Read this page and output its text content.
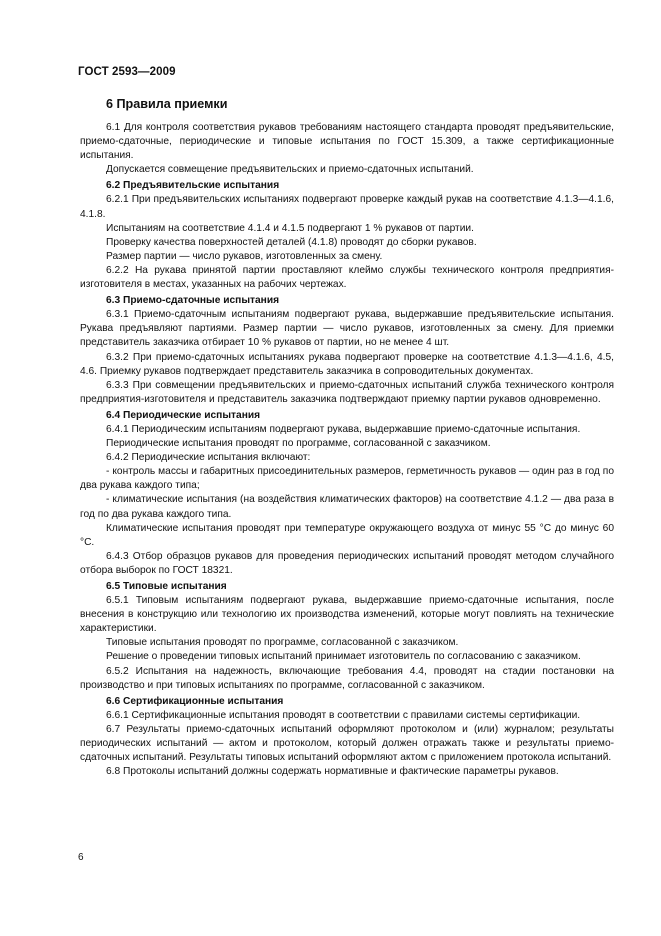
ГОСТ 2593—2009

6 Правила приемки

6.1 Для контроля соответствия рукавов требованиям настоящего стандарта проводят предъявительские, приемо-сдаточные, периодические и типовые испытания по ГОСТ 15.309, а также сертификационные испытания.

Допускается совмещение предъявительских и приемо-сдаточных испытаний.

6.2 Предъявительские испытания

6.2.1 При предъявительских испытаниях подвергают проверке каждый рукав на соответствие 4.1.3—4.1.6, 4.1.8.

Испытаниям на соответствие 4.1.4 и 4.1.5 подвергают 1 % рукавов от партии.

Проверку качества поверхностей деталей (4.1.8) проводят до сборки рукавов.

Размер партии — число рукавов, изготовленных за смену.

6.2.2 На рукава принятой партии проставляют клеймо службы технического контроля предприятия-изготовителя в местах, указанных на рабочих чертежах.

6.3 Приемо-сдаточные испытания

6.3.1 Приемо-сдаточным испытаниям подвергают рукава, выдержавшие предъявительские испытания. Рукава предъявляют партиями. Размер партии — число рукавов, изготовленных за смену. Для приемки представитель заказчика отбирает 10 % рукавов от партии, но не менее 4 шт.

6.3.2 При приемо-сдаточных испытаниях рукава подвергают проверке на соответствие 4.1.3—4.1.6, 4.5, 4.6. Приемку рукавов подтверждает представитель заказчика в сопроводительных документах.

6.3.3 При совмещении предъявительских и приемо-сдаточных испытаний служба технического контроля предприятия-изготовителя и представитель заказчика подтверждают приемку партии рукавов одновременно.

6.4 Периодические испытания

6.4.1 Периодическим испытаниям подвергают рукава, выдержавшие приемо-сдаточные испытания.

Периодические испытания проводят по программе, согласованной с заказчиком.

6.4.2 Периодические испытания включают:

- контроль массы и габаритных присоединительных размеров, герметичность рукавов — один раз в год по два рукава каждого типа;

- климатические испытания (на воздействия климатических факторов) на соответствие 4.1.2 — два раза в год по два рукава каждого типа.

Климатические испытания проводят при температуре окружающего воздуха от минус 55 °С до минус 60 °С.

6.4.3 Отбор образцов рукавов для проведения периодических испытаний проводят методом случайного отбора выборок по ГОСТ 18321.

6.5 Типовые испытания

6.5.1 Типовым испытаниям подвергают рукава, выдержавшие приемо-сдаточные испытания, после внесения в конструкцию или технологию их производства изменений, которые могут повлиять на технические характеристики.

Типовые испытания проводят по программе, согласованной с заказчиком.

Решение о проведении типовых испытаний принимает изготовитель по согласованию с заказчиком.

6.5.2 Испытания на надежность, включающие требования 4.4, проводят на стадии постановки на производство и при типовых испытаниях по программе, согласованной с заказчиком.

6.6 Сертификационные испытания

6.6.1 Сертификационные испытания проводят в соответствии с правилами системы сертификации.

6.7 Результаты приемо-сдаточных испытаний оформляют протоколом и (или) журналом; результаты периодических испытаний — актом и протоколом, который должен отражать также и результаты приемо-сдаточных испытаний. Результаты типовых испытаний оформляют актом с приложением протокола испытаний.

6.8 Протоколы испытаний должны содержать нормативные и фактические параметры рукавов.

6
